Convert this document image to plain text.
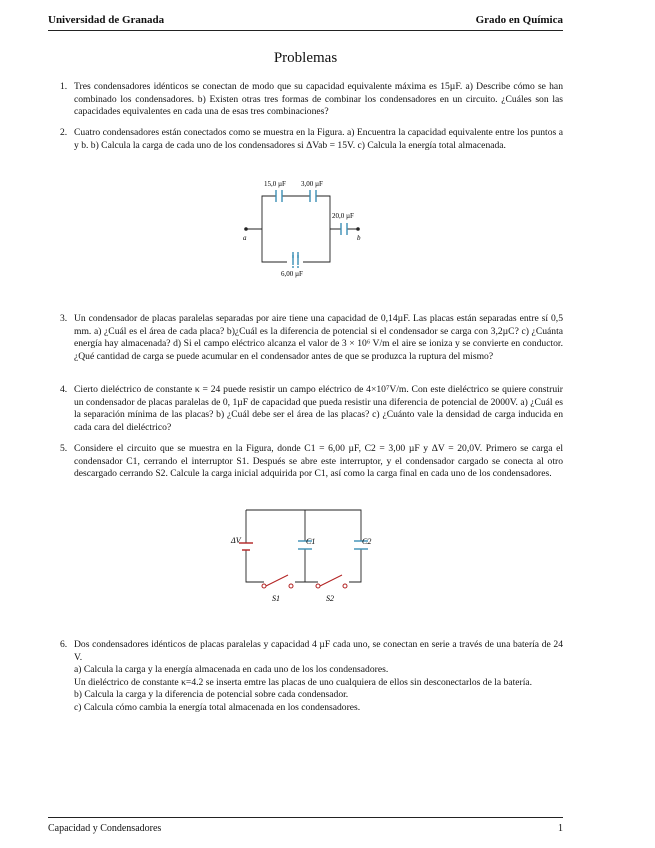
Universidad de Granada	Grado en Química
Problemas
1. Tres condensadores idénticos se conectan de modo que su capacidad equivalente máxima es 15µF. a) Describe cómo se han combinado los condensadores. b) Existen otras tres formas de combinar los condensadores en un circuito. ¿Cuáles son las capacidades equivalentes en cada una de esas tres combinaciones?
2. Cuatro condensadores están conectados como se muestra en la Figura. a) Encuentra la capacidad equivalente entre los puntos a y b. b) Calcula la carga de cada uno de los condensadores si ΔVab = 15V. c) Calcula la energía total almacenada.
15,0 µF 3,00 µF
20,0 µF
6,00 µF
a	b
3. Un condensador de placas paralelas separadas por aire tiene una capacidad de 0,14µF. Las placas están separadas entre sí 0,5 mm. a) ¿Cuál es el área de cada placa? b)¿Cuál es la diferencia de potencial si el condensador se carga con 3,2µC? c) ¿Cuánta energía hay almacenada? d) Si el campo eléctrico alcanza el valor de 3 × 10⁶ V/m el aire se ioniza y se convierte en conductor. ¿Qué cantidad de carga se puede acumular en el condensador antes de que se produzca la ruptura del mismo?
4. Cierto dieléctrico de constante κ = 24 puede resistir un campo eléctrico de 4×10⁷V/m. Con este dieléctrico se quiere construir un condensador de placas paralelas de 0, 1µF de capacidad que pueda resistir una diferencia de potencial de 2000V. a) ¿Cuál es la separación mínima de las placas? b) ¿Cuál debe ser el área de las placas? c) ¿Cuánto vale la densidad de carga inducida en cada cara del dieléctrico?
5. Considere el circuito que se muestra en la Figura, donde C1 = 6,00 µF, C2 = 3,00 µF y ΔV = 20,0V. Primero se carga el condensador C1, cerrando el interruptor S1. Después se abre este interruptor, y el condensador cargado se conecta al otro descargado cerrando S2. Calcule la carga inicial adquirida por C1, así como la carga final en cada uno de los condensadores.
ΔV	C1	C2
S1	S2
6. Dos condensadores idénticos de placas paralelas y capacidad 4 µF cada uno, se conectan en serie a través de una batería de 24 V.

a) Calcula la carga y la energía almacenada en cada uno de los los condensadores.

Un dieléctrico de constante κ=4.2 se inserta emtre las placas de uno cualquiera de ellos sin desconectarlos de la batería.

b) Calcula la carga y la diferencia de potencial sobre cada condensador.

c) Calcula cómo cambia la energía total almacenada en los condensadores.

Capacidad y Condensadores	1
